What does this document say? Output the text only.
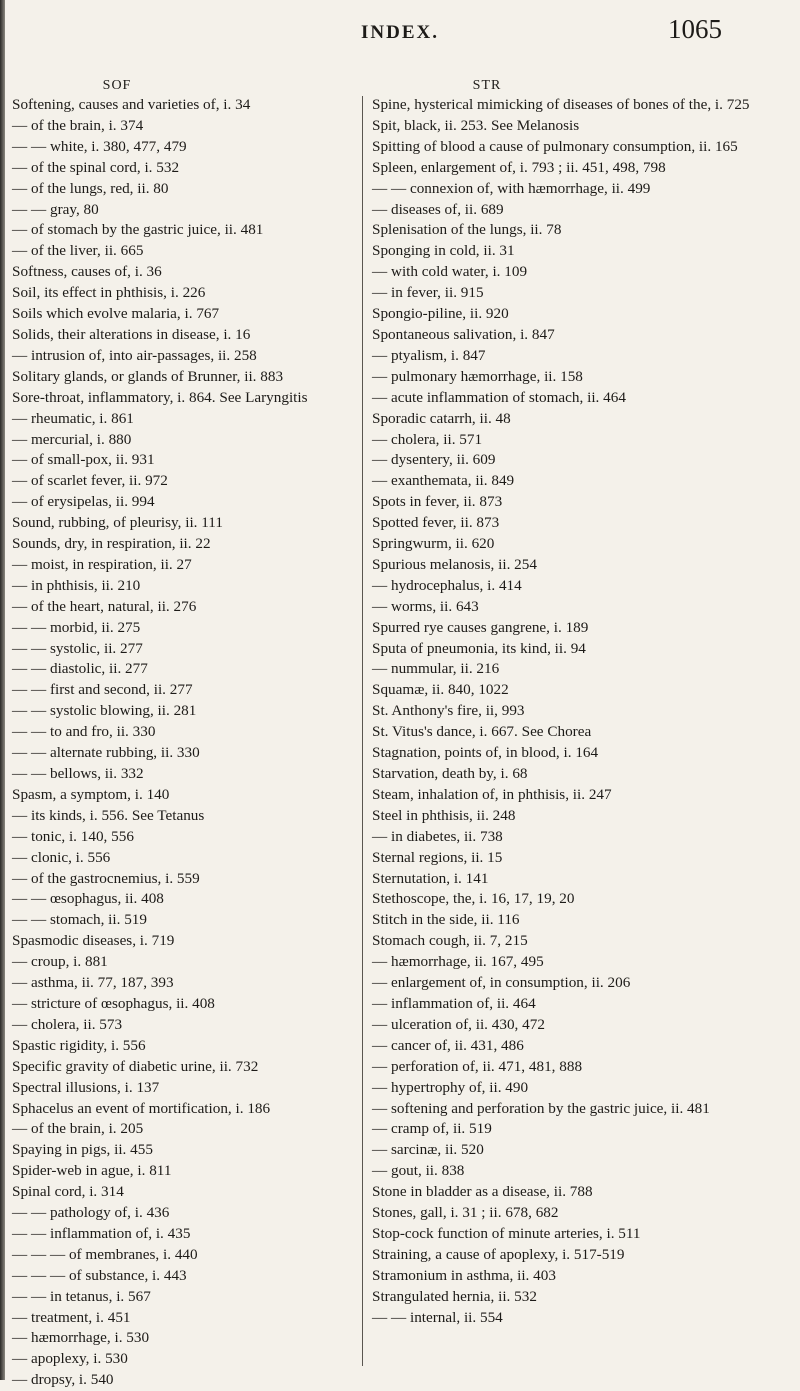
INDEX.	1065
SOF

Softening, causes and varieties of, i. 34

— of the brain, i. 374

— — white, i. 380, 477, 479

— of the spinal cord, i. 532

— of the lungs, red, ii. 80

— — gray, 80

— of stomach by the gastric juice, ii. 481

— of the liver, ii. 665

Softness, causes of, i. 36

Soil, its effect in phthisis, i. 226

Soils which evolve malaria, i. 767

Solids, their alterations in disease, i. 16

— intrusion of, into air-passages, ii. 258

Solitary glands, or glands of Brunner, ii. 883

Sore-throat, inflammatory, i. 864. See Laryngitis

— rheumatic, i. 861

— mercurial, i. 880

— of small-pox, ii. 931

— of scarlet fever, ii. 972

— of erysipelas, ii. 994

Sound, rubbing, of pleurisy, ii. 111

Sounds, dry, in respiration, ii. 22

— moist, in respiration, ii. 27

— in phthisis, ii. 210

— of the heart, natural, ii. 276

— — morbid, ii. 275

— — systolic, ii. 277

— — diastolic, ii. 277

— — first and second, ii. 277

— — systolic blowing, ii. 281

— — to and fro, ii. 330

— — alternate rubbing, ii. 330

— — bellows, ii. 332

Spasm, a symptom, i. 140

— its kinds, i. 556. See Tetanus

— tonic, i. 140, 556

— clonic, i. 556

— of the gastrocnemius, i. 559

— — œsophagus, ii. 408

— — stomach, ii. 519

Spasmodic diseases, i. 719

— croup, i. 881

— asthma, ii. 77, 187, 393

— stricture of œsophagus, ii. 408

— cholera, ii. 573

Spastic rigidity, i. 556

Specific gravity of diabetic urine, ii. 732

Spectral illusions, i. 137

Sphacelus an event of mortification, i. 186

— of the brain, i. 205

Spaying in pigs, ii. 455

Spider-web in ague, i. 811

Spinal cord, i. 314

— — pathology of, i. 436

— — inflammation of, i. 435

— — — of membranes, i. 440

— — — of substance, i. 443

— — in tetanus, i. 567

— treatment, i. 451

— hæmorrhage, i. 530

— apoplexy, i. 530

— dropsy, i. 540

STR

Spine, hysterical mimicking of diseases of bones of the, i. 725

Spit, black, ii. 253. See Melanosis

Spitting of blood a cause of pulmonary consumption, ii. 165

Spleen, enlargement of, i. 793 ; ii. 451, 498, 798

— — connexion of, with hæmorrhage, ii. 499

— diseases of, ii. 689

Splenisation of the lungs, ii. 78

Sponging in cold, ii. 31

— with cold water, i. 109

— in fever, ii. 915

Spongio-piline, ii. 920

Spontaneous salivation, i. 847

— ptyalism, i. 847

— pulmonary hæmorrhage, ii. 158

— acute inflammation of stomach, ii. 464

Sporadic catarrh, ii. 48

— cholera, ii. 571

— dysentery, ii. 609

— exanthemata, ii. 849

Spots in fever, ii. 873

Spotted fever, ii. 873

Springwurm, ii. 620

Spurious melanosis, ii. 254

— hydrocephalus, i. 414

— worms, ii. 643

Spurred rye causes gangrene, i. 189

Sputa of pneumonia, its kind, ii. 94

— nummular, ii. 216

Squamæ, ii. 840, 1022

St. Anthony's fire, ii, 993

St. Vitus's dance, i. 667. See Chorea

Stagnation, points of, in blood, i. 164

Starvation, death by, i. 68

Steam, inhalation of, in phthisis, ii. 247

Steel in phthisis, ii. 248

— in diabetes, ii. 738

Sternal regions, ii. 15

Sternutation, i. 141

Stethoscope, the, i. 16, 17, 19, 20

Stitch in the side, ii. 116

Stomach cough, ii. 7, 215

— hæmorrhage, ii. 167, 495

— enlargement of, in consumption, ii. 206

— inflammation of, ii. 464

— ulceration of, ii. 430, 472

— cancer of, ii. 431, 486

— perforation of, ii. 471, 481, 888

— hypertrophy of, ii. 490

— softening and perforation by the gastric juice, ii. 481

— cramp of, ii. 519

— sarcinæ, ii. 520

— gout, ii. 838

Stone in bladder as a disease, ii. 788

Stones, gall, i. 31 ; ii. 678, 682

Stop-cock function of minute arteries, i. 511

Straining, a cause of apoplexy, i. 517-519

Stramonium in asthma, ii. 403

Strangulated hernia, ii. 532

— — internal, ii. 554
